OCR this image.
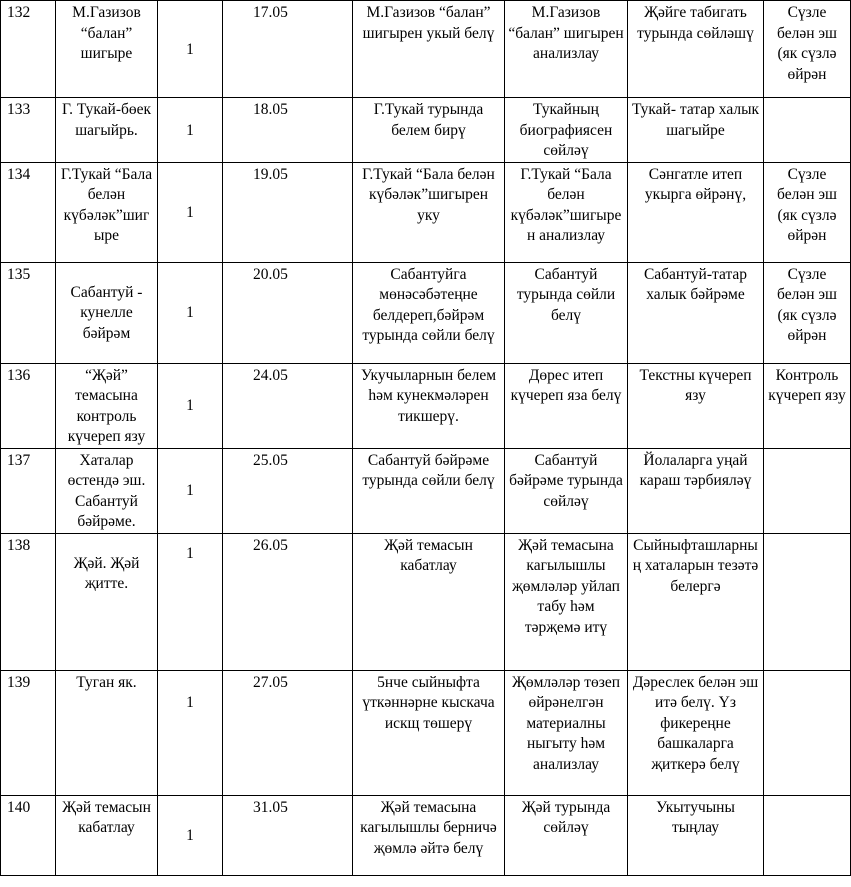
132	М.Газизов “балан” шигыре	1	17.05	М.Газизов “балан” шигырен укый белү	М.Газизов “балан” шигырен анализлау	Җәйге табигать турында сөйләшү	Сүзле белән эш (як сүзлә өйрән
133	Г. Тукай-бөек шагыйрь.	1	18.05	Г.Тукай турында белем бирү	Тукайның биографиясен сөйләү	Тукай- татар халык шагыйре	
134	Г.Тукай “Бала белән күбәләк”шигыре	1	19.05	Г.Тукай “Бала белән күбәләк”шигырен уку	Г.Тукай “Бала белән күбәләк”шигырен анализлау	Сәнгатле итеп укырга өйрәнү,	Сүзле белән эш (як сүзлә өйрән
135	Сабантуй - кунелле бәйрәм	1	20.05	Сабантуйга мөнәсәбәтеңне белдереп,бәйрәм турында сөйли белү	Сабантуй турында сөйли белү	Сабантуй-татар халык бәйрәме	Сүзле белән эш (як сүзлә өйрән
136	“Җәй” темасына контроль күчереп язу	1	24.05	Укучыларнын белем һәм кунекмәләрен тикшерү.	Дөрес итеп күчереп яза белү	Текстны күчереп язу	Контроль күчереп язу
137	Хаталар өстендә эш. Сабантуй бәйрәме.	1	25.05	Сабантуй бәйрәме турында сөйли белү	Сабантуй бәйрәме турында сөйләү	Йолаларга уңай караш тәрбияләү	
138	Җәй. Җәй җитте.	1	26.05	Җәй темасын кабатлау	Җәй темасына кагылышлы җөмләләр уйлап табу һәм тәрҗемә итү	Сыйныфташларның хаталарын тезәтә белергә	
139	Туган як.	1	27.05	5нче сыйныфта үткәннәрне кыскача искщ төшерү	Җөмләләр төзеп өйрәнелгән материалны ныгыту һәм анализлау	Дәреслек белән эш итә белү. Үз фикереңне башкаларга җиткерә белү	
140	Җәй темасын кабатлау	1	31.05	Җәй темасына кагылышлы берничә җөмлә әйтә белү	Җәй турында сөйләү	Укытучыны тыңлау	
